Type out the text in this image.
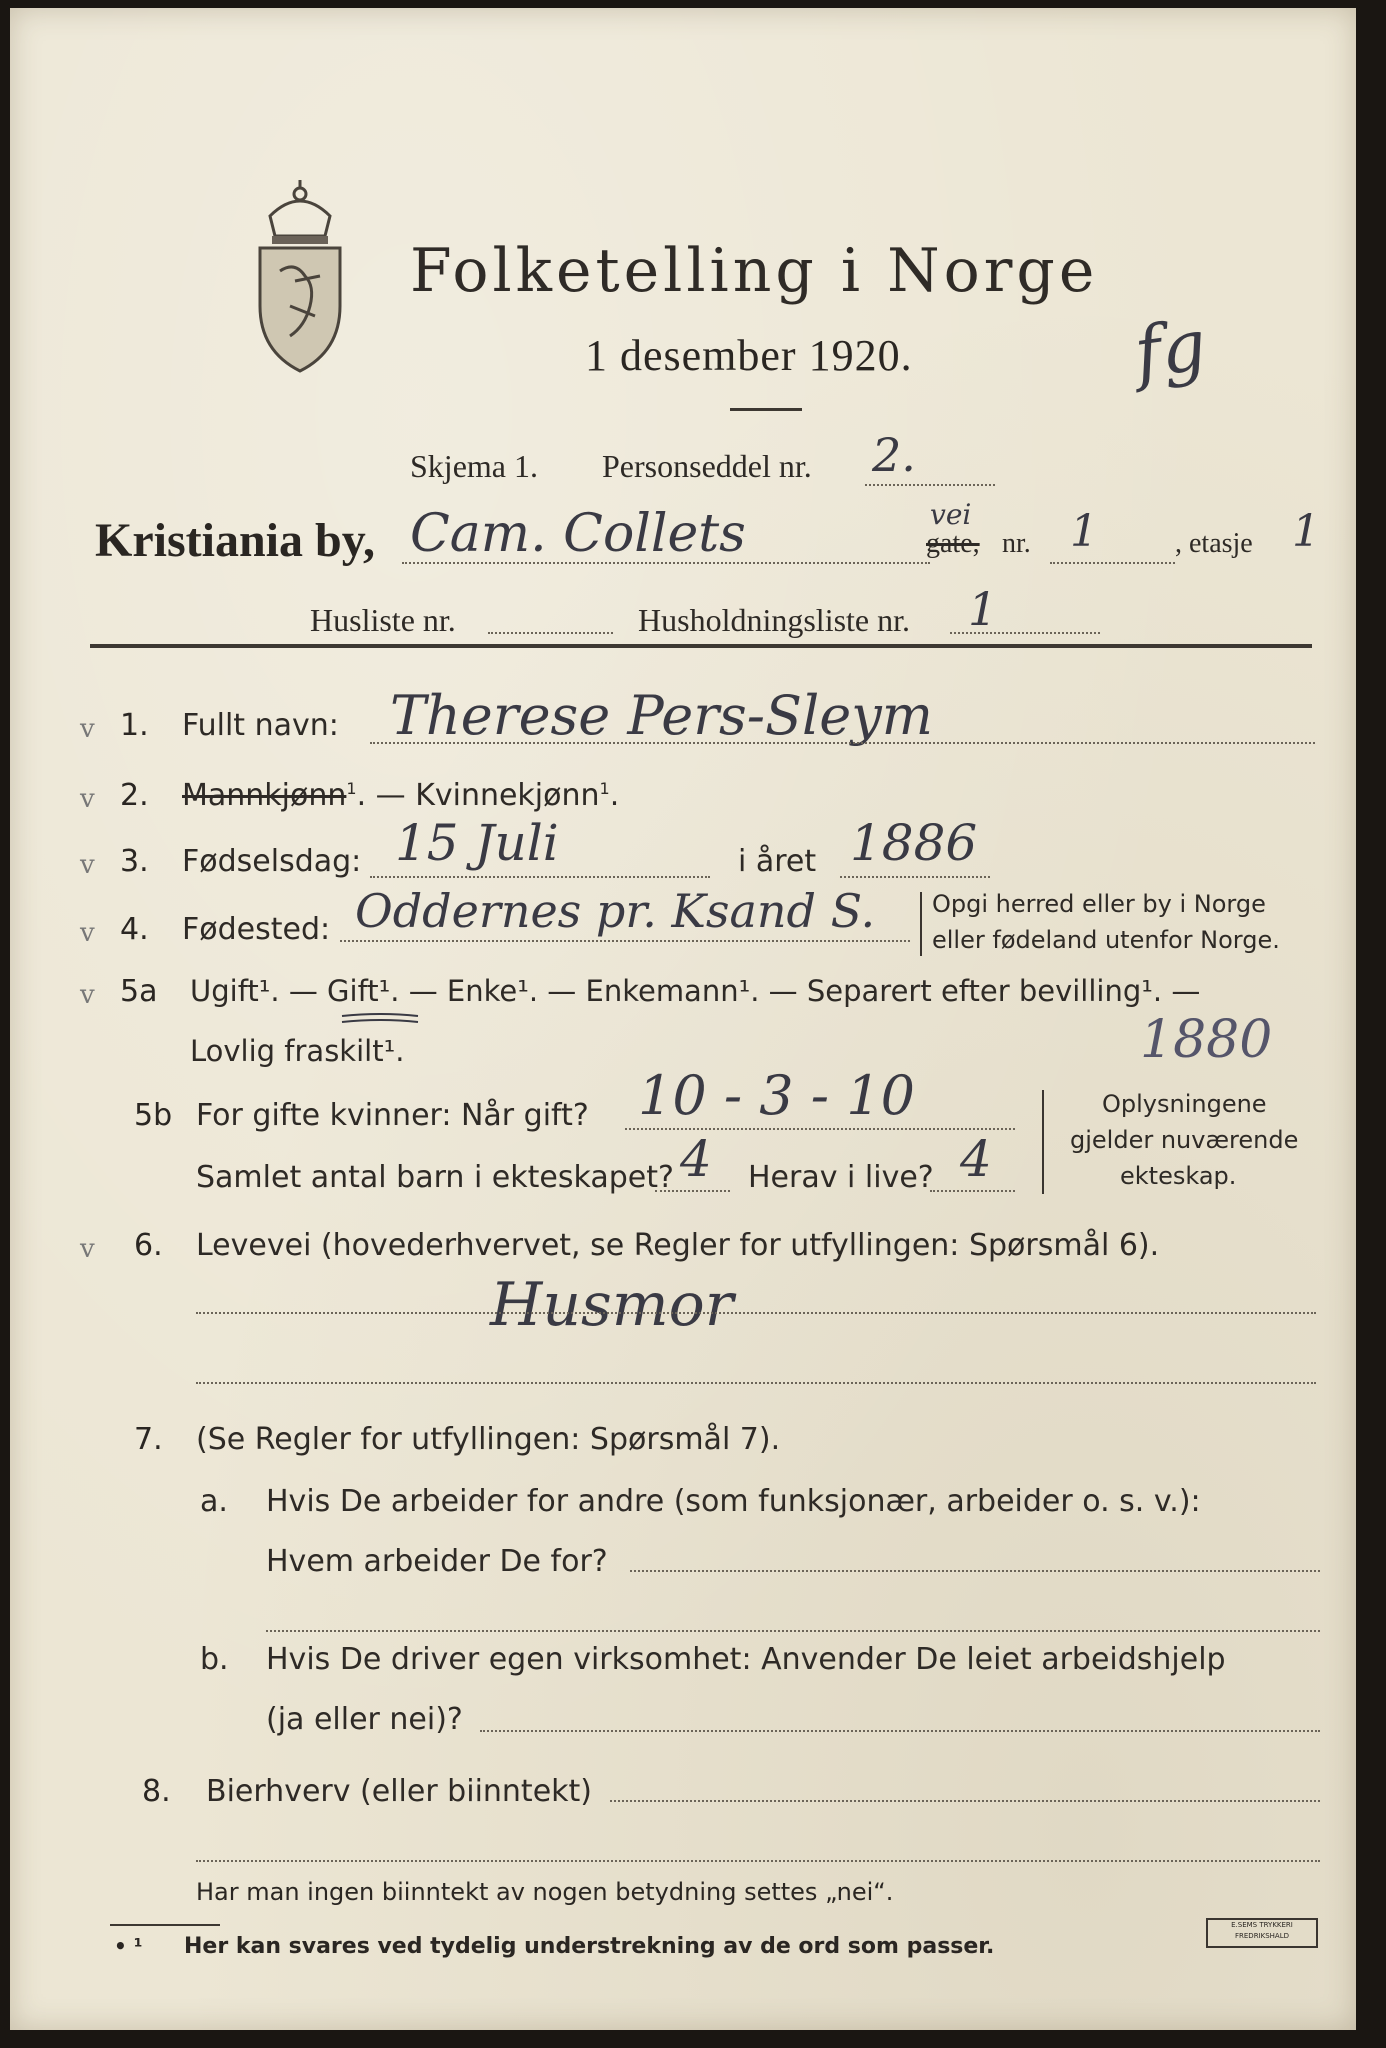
Folketelling i Norge
1 desember 1920.	fg
Skjema 1. Personseddel nr. 2.
Kristiania by, Cam. Collets	vei
gate, nr. 1	, etasje 1
Husliste nr.	Husholdningsliste nr. 1
v 1. Fullt navn: Therese Pers-Sleym
v 2. Mannkjønn$^1$. — Kvinnekjønn$^1$.
v 3. Fødselsdag: 15 Juli	i året 1886
v 4. Fødested: Oddernes pr. Ksand S. Opgi herred eller by i Norge
eller fødeland utenfor Norge.
v 5a Ugift¹. — Gift¹. — Enke¹. — Enkemann¹. — Separert efter bevilling¹. —
Lovlig fraskilt¹.	1880
5b For gifte kvinner: Når gift? 10 - 3 - 10
Samlet antal barn i ekteskapet? 4 Herav i live? 4
Oplysningene
gjelder nuværende
ekteskap.
v 6. Levevei (hovederhvervet, se Regler for utfyllingen: Spørsmål 6).
Husmor
7. (Se Regler for utfyllingen: Spørsmål 7).
a. Hvis De arbeider for andre (som funksjonær, arbeider o. s. v.):
Hvem arbeider De for?
b. Hvis De driver egen virksomhet: Anvender De leiet arbeidshjelp
(ja eller nei)?
8. Bierhverv (eller biinntekt)
Har man ingen biinntekt av nogen betydning settes „nei“.
• ¹ Her kan svares ved tydelig understrekning av de ord som passer.
E.SEMS TRYKKERI FREDRIKSHALD
